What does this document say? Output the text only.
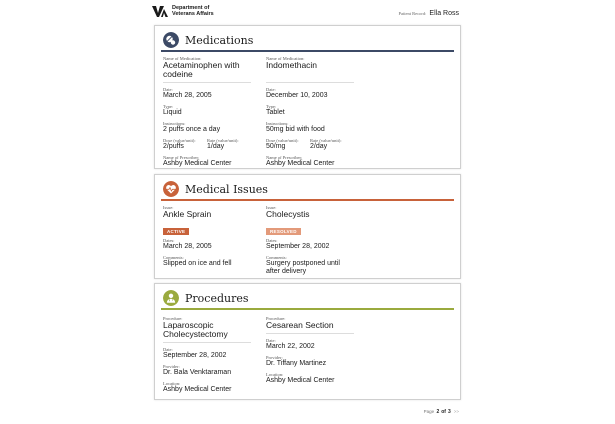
Department of
Veterans Affairs	Patient Record: Ella Ross
Medications
Name of Medication:
Acetaminophen with codeine
Date:
March 28, 2005
Type:
Liquid
Instructions:
2 puffs once a day
Dose (value/unit):
2/puffs
Rate (value/unit):
1/day
Name of Prescriber:
Ashby Medical Center
Name of Medication:
Indomethacin
Date:
December 10, 2003
Type:
Tablet
Instructions:
50mg bid with food
Dose (value/unit):
50/mg
Rate (value/unit):
2/day
Name of Prescriber:
Ashby Medical Center
Medical Issues
Issue:
Ankle Sprain
ACTIVE
Dates:
March 28, 2005
Comments:
Slipped on ice and fell
Issue:
Cholecystis
RESOLVED
Dates:
September 28, 2002
Comments:
Surgery postponed until after delivery
Procedures
Procedure:
Laparoscopic Cholecystectomy
Date:
September 28, 2002
Provider:
Dr. Bala Venktaraman
Location:
Ashby Medical Center
Procedure:
Cesarean Section
Date:
March 22, 2002
Provider:
Dr. Tiffany Martinez
Location:
Ashby Medical Center
Page
2 of 3 >>
